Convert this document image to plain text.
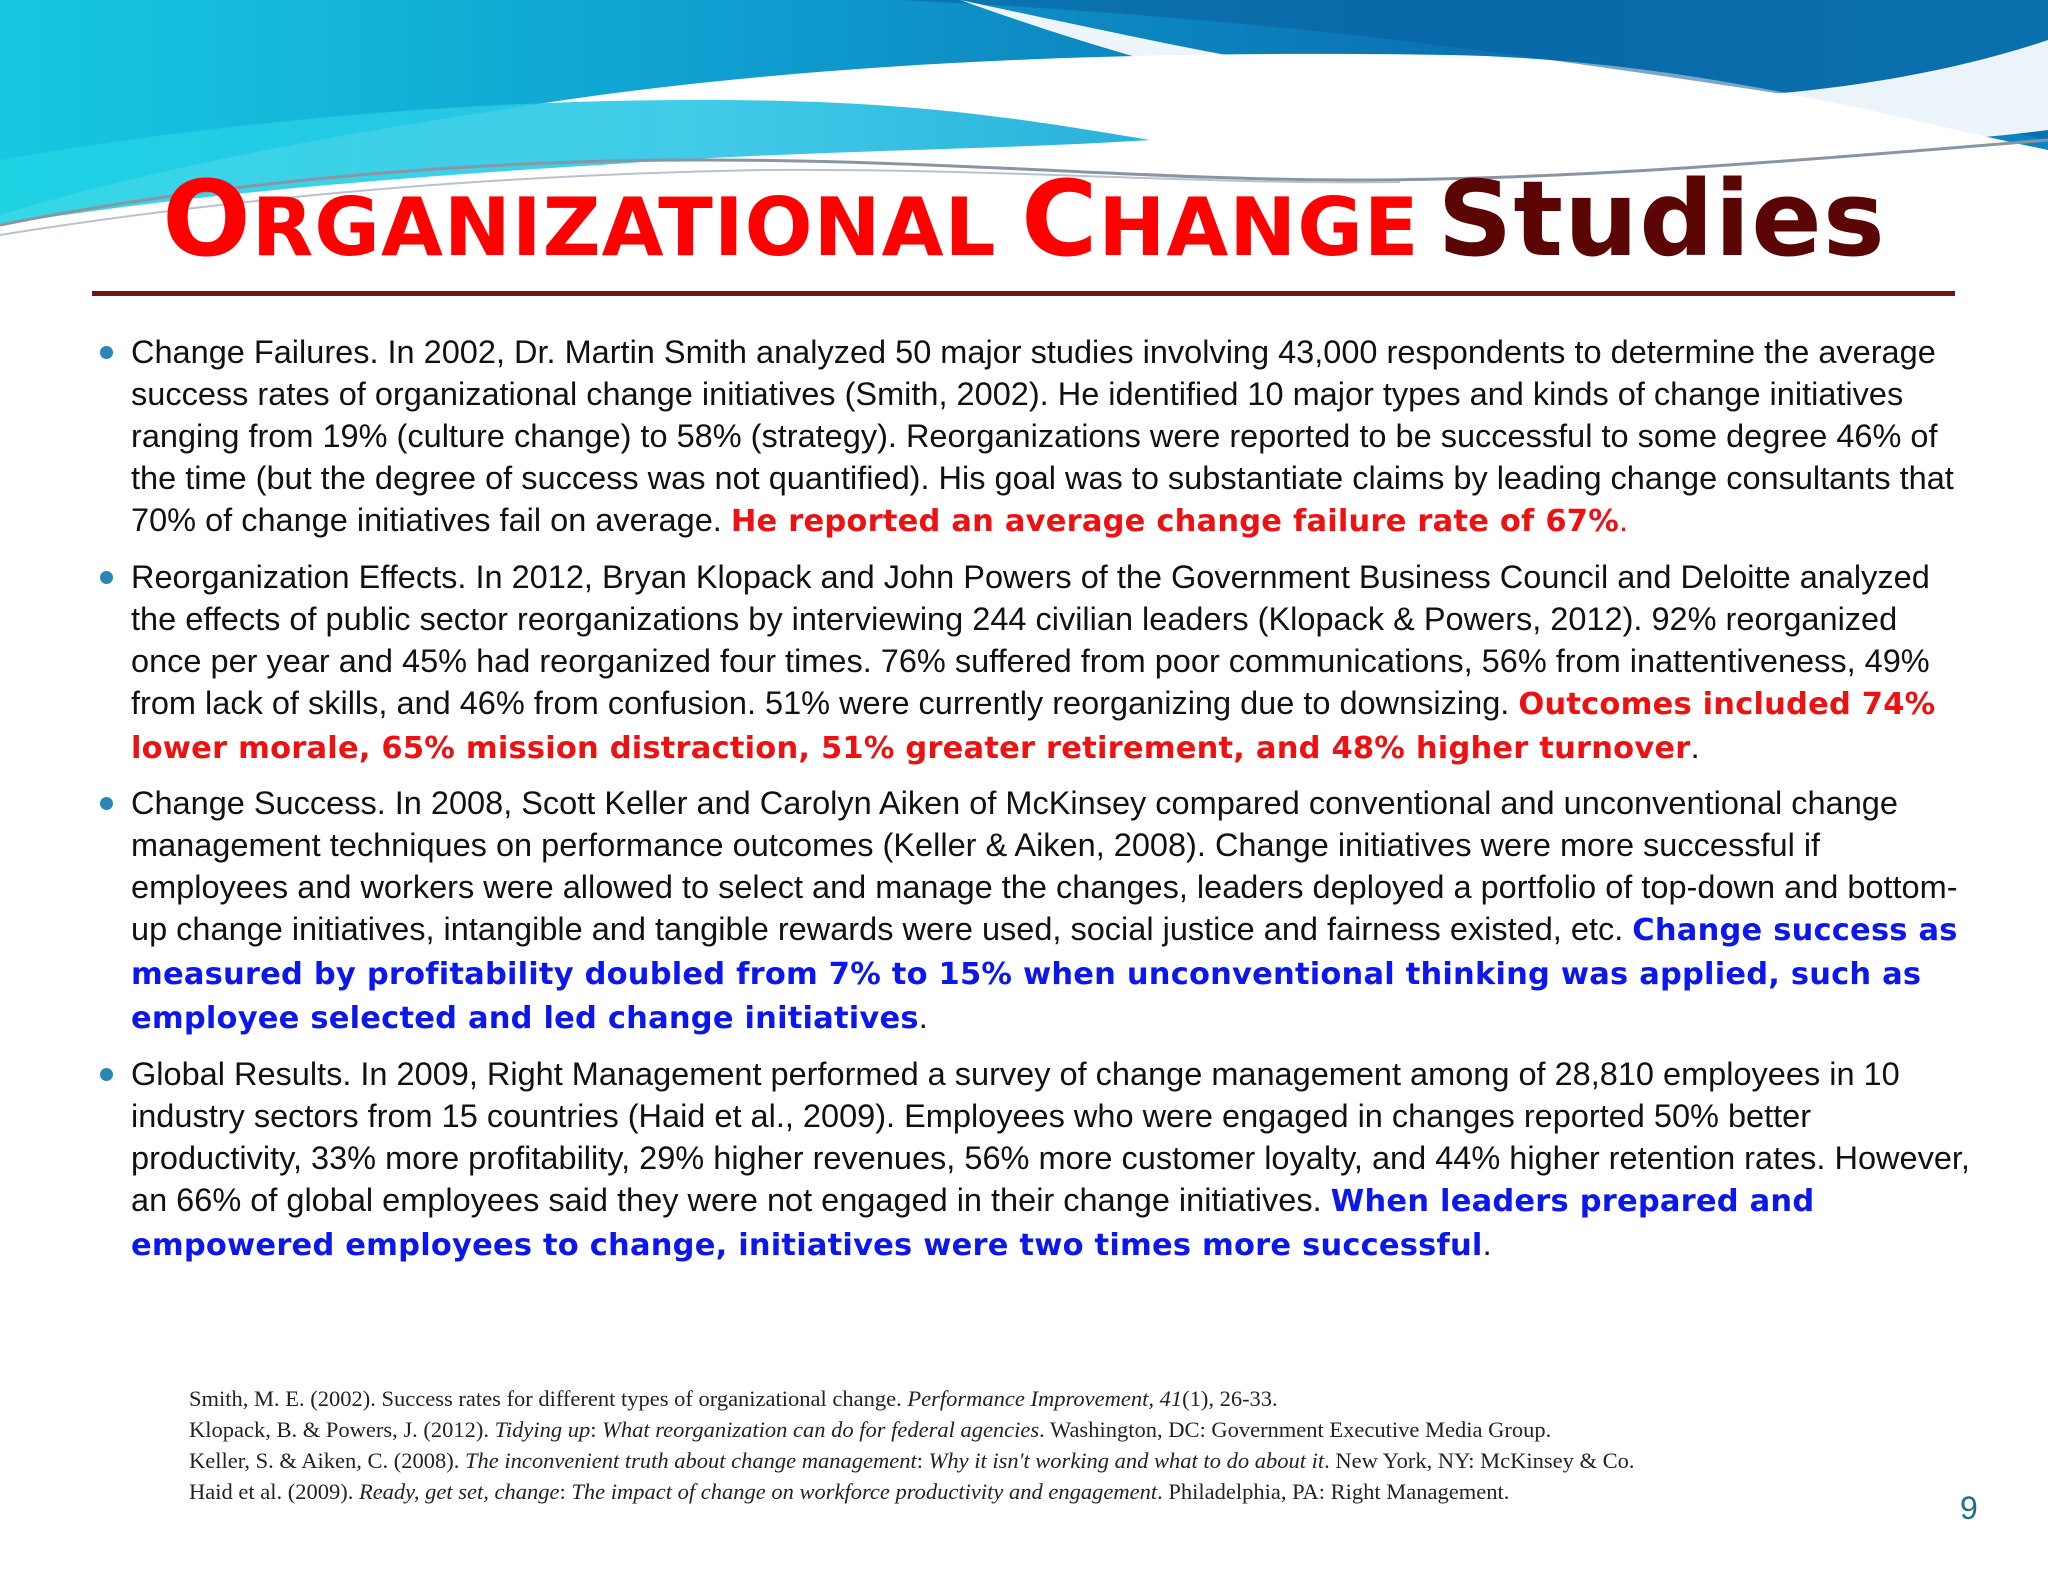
ORGANIZATIONAL CHANGE Studies
Change Failures. In 2002, Dr. Martin Smith analyzed 50 major studies involving 43,000 respondents to determine the average success rates of organizational change initiatives (Smith, 2002). He identified 10 major types and kinds of change initiatives ranging from 19% (culture change) to 58% (strategy). Reorganizations were reported to be successful to some degree 46% of the time (but the degree of success was not quantified). His goal was to substantiate claims by leading change consultants that 70% of change initiatives fail on average. He reported an average change failure rate of 67%.
Reorganization Effects. In 2012, Bryan Klopack and John Powers of the Government Business Council and Deloitte analyzed the effects of public sector reorganizations by interviewing 244 civilian leaders (Klopack & Powers, 2012). 92% reorganized once per year and 45% had reorganized four times. 76% suffered from poor communications, 56% from inattentiveness, 49% from lack of skills, and 46% from confusion. 51% were currently reorganizing due to downsizing. Outcomes included 74% lower morale, 65% mission distraction, 51% greater retirement, and 48% higher turnover.
Change Success. In 2008, Scott Keller and Carolyn Aiken of McKinsey compared conventional and unconventional change management techniques on performance outcomes (Keller & Aiken, 2008). Change initiatives were more successful if employees and workers were allowed to select and manage the changes, leaders deployed a portfolio of top-down and bottom-up change initiatives, intangible and tangible rewards were used, social justice and fairness existed, etc. Change success as measured by profitability doubled from 7% to 15% when unconventional thinking was applied, such as employee selected and led change initiatives.
Global Results. In 2009, Right Management performed a survey of change management among of 28,810 employees in 10 industry sectors from 15 countries (Haid et al., 2009). Employees who were engaged in changes reported 50% better productivity, 33% more profitability, 29% higher revenues, 56% more customer loyalty, and 44% higher retention rates. However, an 66% of global employees said they were not engaged in their change initiatives. When leaders prepared and empowered employees to change, initiatives were two times more successful.
Smith, M. E. (2002). Success rates for different types of organizational change. Performance Improvement, 41(1), 26-33.
Klopack, B. & Powers, J. (2012). Tidying up: What reorganization can do for federal agencies. Washington, DC: Government Executive Media Group.
Keller, S. & Aiken, C. (2008). The inconvenient truth about change management: Why it isn't working and what to do about it. New York, NY: McKinsey & Co.
Haid et al. (2009). Ready, get set, change: The impact of change on workforce productivity and engagement. Philadelphia, PA: Right Management.	9
